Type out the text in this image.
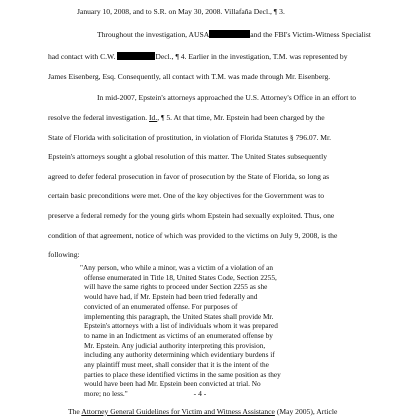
January 10, 2008, and to S.R. on May 30, 2008. Villafaña Decl., ¶ 3.
Throughout the investigation, AUSA	and the FBI's Victim-Witness Specialist
had contact with C.W.	Decl., ¶ 4. Earlier in the investigation, T.M. was represented by
James Eisenberg, Esq. Consequently, all contact with T.M. was made through Mr. Eisenberg.
In mid-2007, Epstein's attorneys approached the U.S. Attorney's Office in an effort to
resolve the federal investigation. Id., ¶ 5. At that time, Mr. Epstein had been charged by the
State of Florida with solicitation of prostitution, in violation of Florida Statutes § 796.07. Mr.
Epstein's attorneys sought a global resolution of this matter. The United States subsequently
agreed to defer federal prosecution in favor of prosecution by the State of Florida, so long as
certain basic preconditions were met. One of the key objectives for the Government was to
preserve a federal remedy for the young girls whom Epstein had sexually exploited. Thus, one
condition of that agreement, notice of which was provided to the victims on July 9, 2008, is the
following:
"Any person, who while a minor, was a victim of a violation of an
offense enumerated in Title 18, United States Code, Section 2255,
will have the same rights to proceed under Section 2255 as she
would have had, if Mr. Epstein had been tried federally and
convicted of an enumerated offense. For purposes of
implementing this paragraph, the United States shall provide Mr.
Epstein's attorneys with a list of individuals whom it was prepared
to name in an Indictment as victims of an enumerated offense by
Mr. Epstein. Any judicial authority interpreting this provision,
including any authority determining which evidentiary burdens if
any plaintiff must meet, shall consider that it is the intent of the
parties to place these identified victims in the same position as they
would have been had Mr. Epstein been convicted at trial. No
more; no less."	- 4 -
The Attorney General Guidelines for Victim and Witness Assistance (May 2005), Article
